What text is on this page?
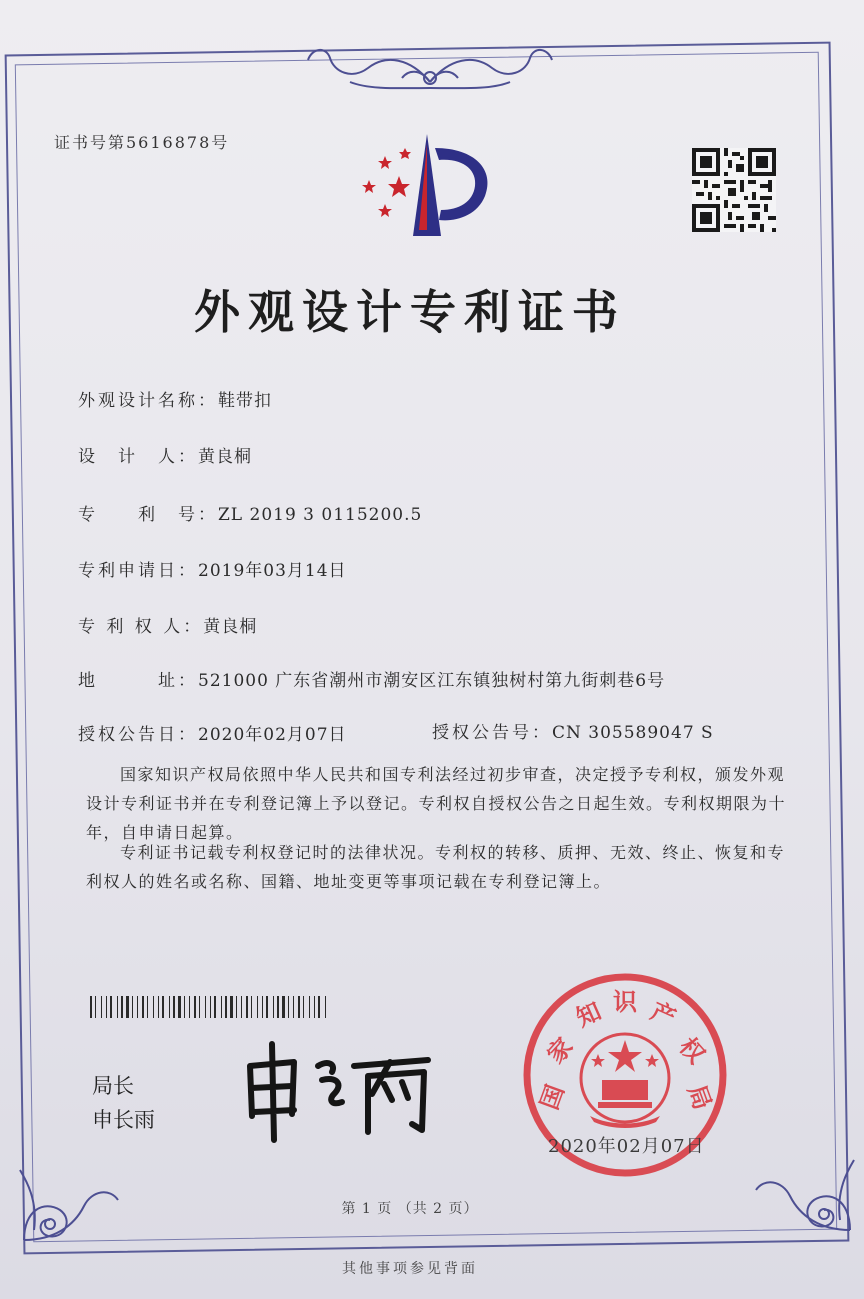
证书号第5616878号
外观设计专利证书
外观设计名称：鞋带扣
设　计　人：黄良桐
专　　利　号：ZL 2019 3 0115200.5
专利申请日：2019年03月14日
专 利 权 人：黄良桐
地　　　址：521000 广东省潮州市潮安区江东镇独树村第九街刺巷6号
授权公告日：2020年02月07日	授权公告号：CN 305589047 S
国家知识产权局依照中华人民共和国专利法经过初步审查，决定授予专利权，颁发外观设计专利证书并在专利登记簿上予以登记。专利权自授权公告之日起生效。专利权期限为十年，自申请日起算。
专利证书记载专利权登记时的法律状况。专利权的转移、质押、无效、终止、恢复和专利权人的姓名或名称、国籍、地址变更等事项记载在专利登记簿上。
局长
申长雨
国
家
知 识 产
权
局
2020年02月07日
第 1 页 （共 2 页）
其他事项参见背面
